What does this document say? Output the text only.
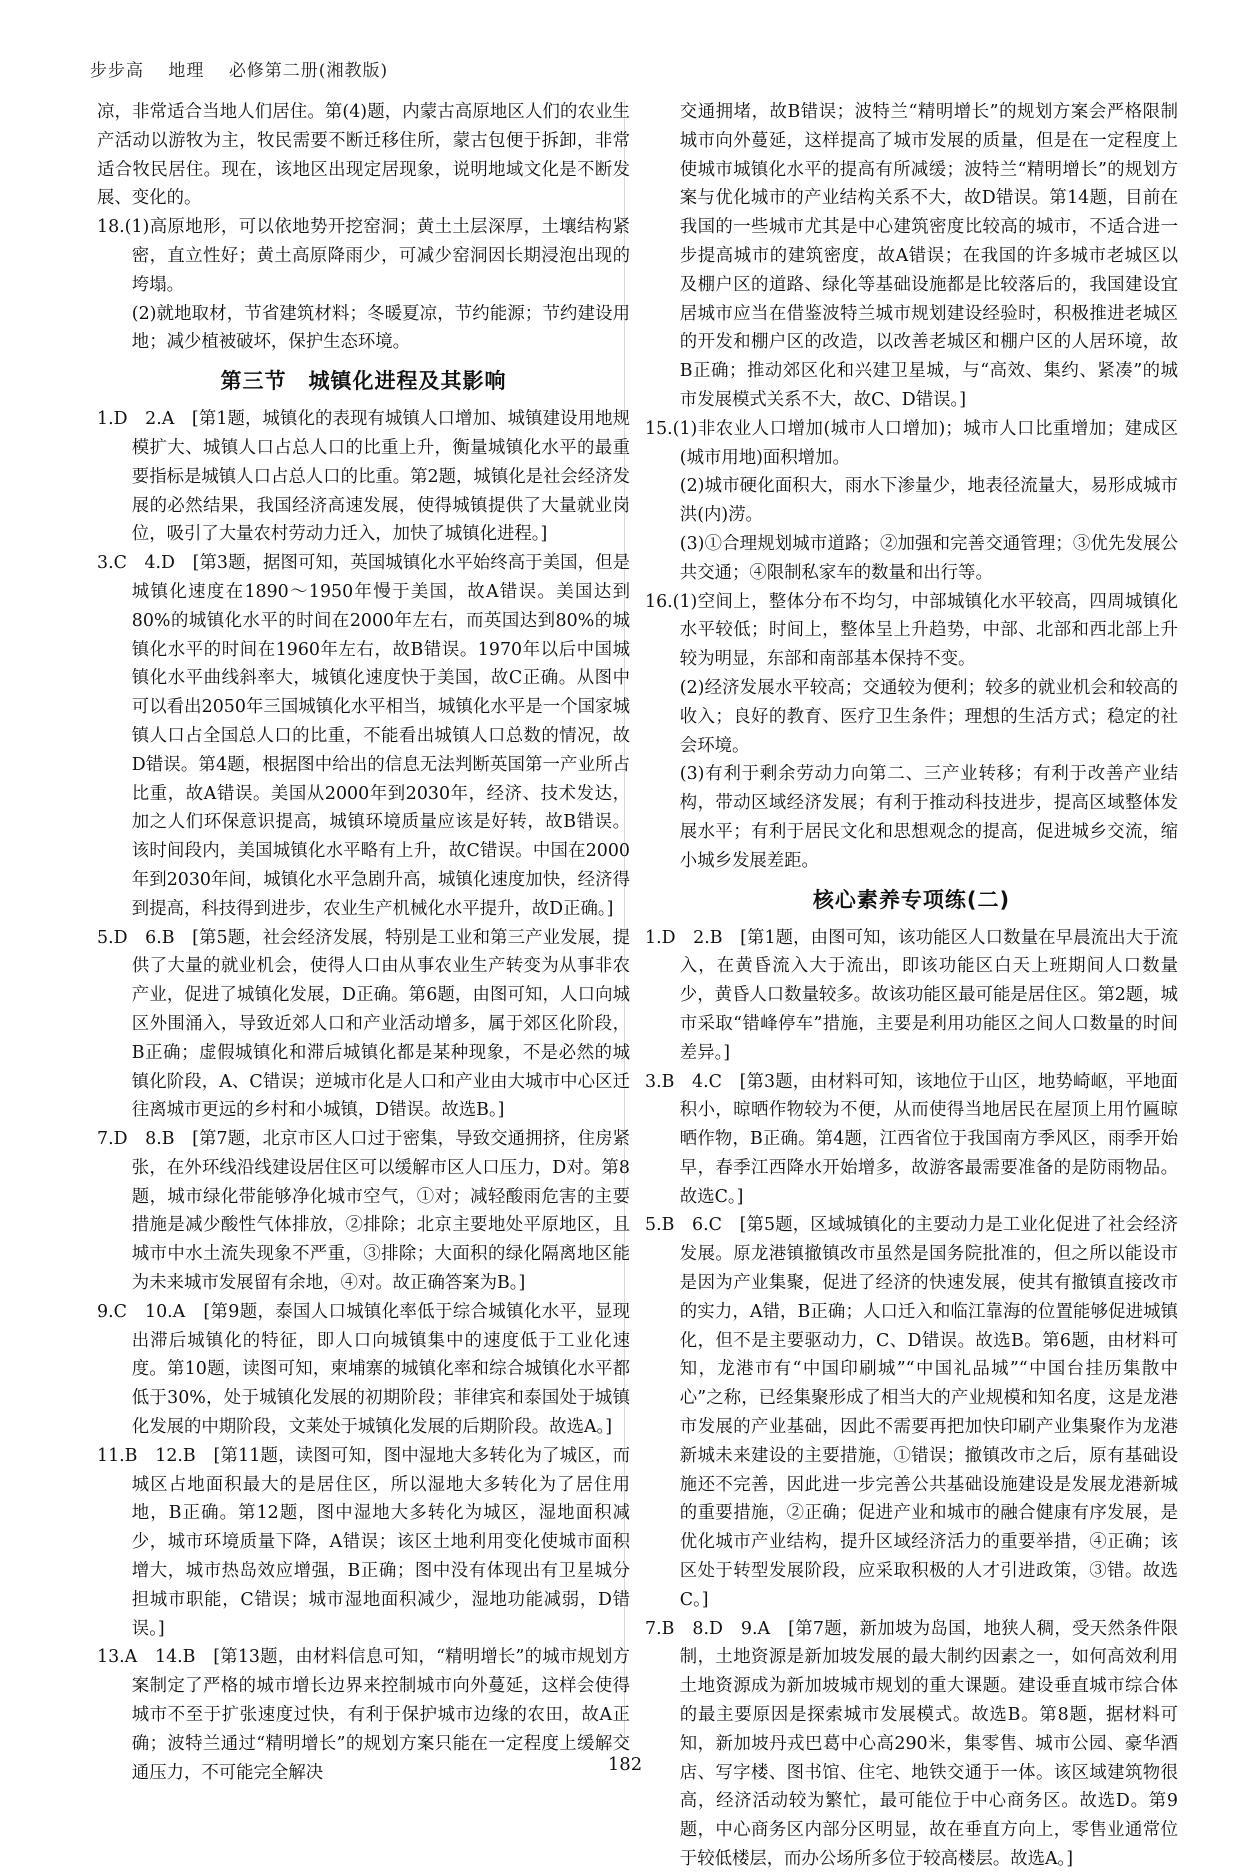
步步高 地理 必修第二册(湘教版)

凉，非常适合当地人们居住。第(4)题，内蒙古高原地区人们的农业生产活动以游牧为主，牧民需要不断迁移住所，蒙古包便于拆卸，非常适合牧民居住。现在，该地区出现定居现象，说明地域文化是不断发展、变化的。

18.(1)高原地形，可以依地势开挖窑洞；黄土土层深厚，土壤结构紧密，直立性好；黄土高原降雨少，可减少窑洞因长期浸泡出现的垮塌。

(2)就地取材，节省建筑材料；冬暖夏凉，节约能源；节约建设用地；减少植被破坏，保护生态环境。

第三节　城镇化进程及其影响

1.D　2.A　[第1题，城镇化的表现有城镇人口增加、城镇建设用地规模扩大、城镇人口占总人口的比重上升，衡量城镇化水平的最重要指标是城镇人口占总人口的比重。第2题，城镇化是社会经济发展的必然结果，我国经济高速发展，使得城镇提供了大量就业岗位，吸引了大量农村劳动力迁入，加快了城镇化进程。]

3.C　4.D　[第3题，据图可知，英国城镇化水平始终高于美国，但是城镇化速度在1890～1950年慢于美国，故A错误。美国达到80%的城镇化水平的时间在2000年左右，而英国达到80%的城镇化水平的时间在1960年左右，故B错误。1970年以后中国城镇化水平曲线斜率大，城镇化速度快于美国，故C正确。从图中可以看出2050年三国城镇化水平相当，城镇化水平是一个国家城镇人口占全国总人口的比重，不能看出城镇人口总数的情况，故D错误。第4题，根据图中给出的信息无法判断英国第一产业所占比重，故A错误。美国从2000年到2030年，经济、技术发达，加之人们环保意识提高，城镇环境质量应该是好转，故B错误。该时间段内，美国城镇化水平略有上升，故C错误。中国在2000年到2030年间，城镇化水平急剧升高，城镇化速度加快，经济得到提高，科技得到进步，农业生产机械化水平提升，故D正确。]

5.D　6.B　[第5题，社会经济发展，特别是工业和第三产业发展，提供了大量的就业机会，使得人口由从事农业生产转变为从事非农产业，促进了城镇化发展，D正确。第6题，由图可知，人口向城区外围涌入，导致近郊人口和产业活动增多，属于郊区化阶段，B正确；虚假城镇化和滞后城镇化都是某种现象，不是必然的城镇化阶段，A、C错误；逆城市化是人口和产业由大城市中心区迁往离城市更远的乡村和小城镇，D错误。故选B。]

7.D　8.B　[第7题，北京市区人口过于密集，导致交通拥挤，住房紧张，在外环线沿线建设居住区可以缓解市区人口压力，D对。第8题，城市绿化带能够净化城市空气，①对；减轻酸雨危害的主要措施是减少酸性气体排放，②排除；北京主要地处平原地区，且城市中水土流失现象不严重，③排除；大面积的绿化隔离地区能为未来城市发展留有余地，④对。故正确答案为B。]

9.C　10.A　[第9题，泰国人口城镇化率低于综合城镇化水平，显现出滞后城镇化的特征，即人口向城镇集中的速度低于工业化速度。第10题，读图可知，柬埔寨的城镇化率和综合城镇化水平都低于30%，处于城镇化发展的初期阶段；菲律宾和泰国处于城镇化发展的中期阶段，文莱处于城镇化发展的后期阶段。故选A。]

11.B　12.B　[第11题，读图可知，图中湿地大多转化为了城区，而城区占地面积最大的是居住区，所以湿地大多转化为了居住用地，B正确。第12题，图中湿地大多转化为城区，湿地面积减少，城市环境质量下降，A错误；该区土地利用变化使城市面积增大，城市热岛效应增强，B正确；图中没有体现出有卫星城分担城市职能，C错误；城市湿地面积减少，湿地功能减弱，D错误。]

13.A　14.B　[第13题，由材料信息可知，“精明增长”的城市规划方案制定了严格的城市增长边界来控制城市向外蔓延，这样会使得城市不至于扩张速度过快，有利于保护城市边缘的农田，故A正确；波特兰通过“精明增长”的规划方案只能在一定程度上缓解交通压力，不可能完全解决

交通拥堵，故B错误；波特兰“精明增长”的规划方案会严格限制城市向外蔓延，这样提高了城市发展的质量，但是在一定程度上使城市城镇化水平的提高有所减缓；波特兰“精明增长”的规划方案与优化城市的产业结构关系不大，故D错误。第14题，目前在我国的一些城市尤其是中心建筑密度比较高的城市，不适合进一步提高城市的建筑密度，故A错误；在我国的许多城市老城区以及棚户区的道路、绿化等基础设施都是比较落后的，我国建设宜居城市应当在借鉴波特兰城市规划建设经验时，积极推进老城区的开发和棚户区的改造，以改善老城区和棚户区的人居环境，故B正确；推动郊区化和兴建卫星城，与“高效、集约、紧凑”的城市发展模式关系不大，故C、D错误。]

15.(1)非农业人口增加(城市人口增加)；城市人口比重增加；建成区(城市用地)面积增加。

(2)城市硬化面积大，雨水下渗量少，地表径流量大，易形成城市洪(内)涝。

(3)①合理规划城市道路；②加强和完善交通管理；③优先发展公共交通；④限制私家车的数量和出行等。

16.(1)空间上，整体分布不均匀，中部城镇化水平较高，四周城镇化水平较低；时间上，整体呈上升趋势，中部、北部和西北部上升较为明显，东部和南部基本保持不变。

(2)经济发展水平较高；交通较为便利；较多的就业机会和较高的收入；良好的教育、医疗卫生条件；理想的生活方式；稳定的社会环境。

(3)有利于剩余劳动力向第二、三产业转移；有利于改善产业结构，带动区域经济发展；有利于推动科技进步，提高区域整体发展水平；有利于居民文化和思想观念的提高，促进城乡交流，缩小城乡发展差距。

核心素养专项练(二)

1.D　2.B　[第1题，由图可知，该功能区人口数量在早晨流出大于流入，在黄昏流入大于流出，即该功能区白天上班期间人口数量少，黄昏人口数量较多。故该功能区最可能是居住区。第2题，城市采取“错峰停车”措施，主要是利用功能区之间人口数量的时间差异。]

3.B　4.C　[第3题，由材料可知，该地位于山区，地势崎岖，平地面积小，晾晒作物较为不便，从而使得当地居民在屋顶上用竹匾晾晒作物，B正确。第4题，江西省位于我国南方季风区，雨季开始早，春季江西降水开始增多，故游客最需要准备的是防雨物品。故选C。]

5.B　6.C　[第5题，区域城镇化的主要动力是工业化促进了社会经济发展。原龙港镇撤镇改市虽然是国务院批准的，但之所以能设市是因为产业集聚，促进了经济的快速发展，使其有撤镇直接改市的实力，A错，B正确；人口迁入和临江靠海的位置能够促进城镇化，但不是主要驱动力，C、D错误。故选B。第6题，由材料可知，龙港市有“中国印刷城”“中国礼品城”“中国台挂历集散中心”之称，已经集聚形成了相当大的产业规模和知名度，这是龙港市发展的产业基础，因此不需要再把加快印刷产业集聚作为龙港新城未来建设的主要措施，①错误；撤镇改市之后，原有基础设施还不完善，因此进一步完善公共基础设施建设是发展龙港新城的重要措施，②正确；促进产业和城市的融合健康有序发展，是优化城市产业结构，提升区域经济活力的重要举措，④正确；该区处于转型发展阶段，应采取积极的人才引进政策，③错。故选C。]

7.B　8.D　9.A　[第7题，新加坡为岛国，地狭人稠，受天然条件限制，土地资源是新加坡发展的最大制约因素之一，如何高效利用土地资源成为新加坡城市规划的重大课题。建设垂直城市综合体的最主要原因是探索城市发展模式。故选B。第8题，据材料可知，新加坡丹戎巴葛中心高290米，集零售、城市公园、豪华酒店、写字楼、图书馆、住宅、地铁交通于一体。该区域建筑物很高，经济活动较为繁忙，最可能位于中心商务区。故选D。第9题，中心商务区内部分区明显，故在垂直方向上，零售业通常位于较低楼层，而办公场所多位于较高楼层。故选A。]

182
